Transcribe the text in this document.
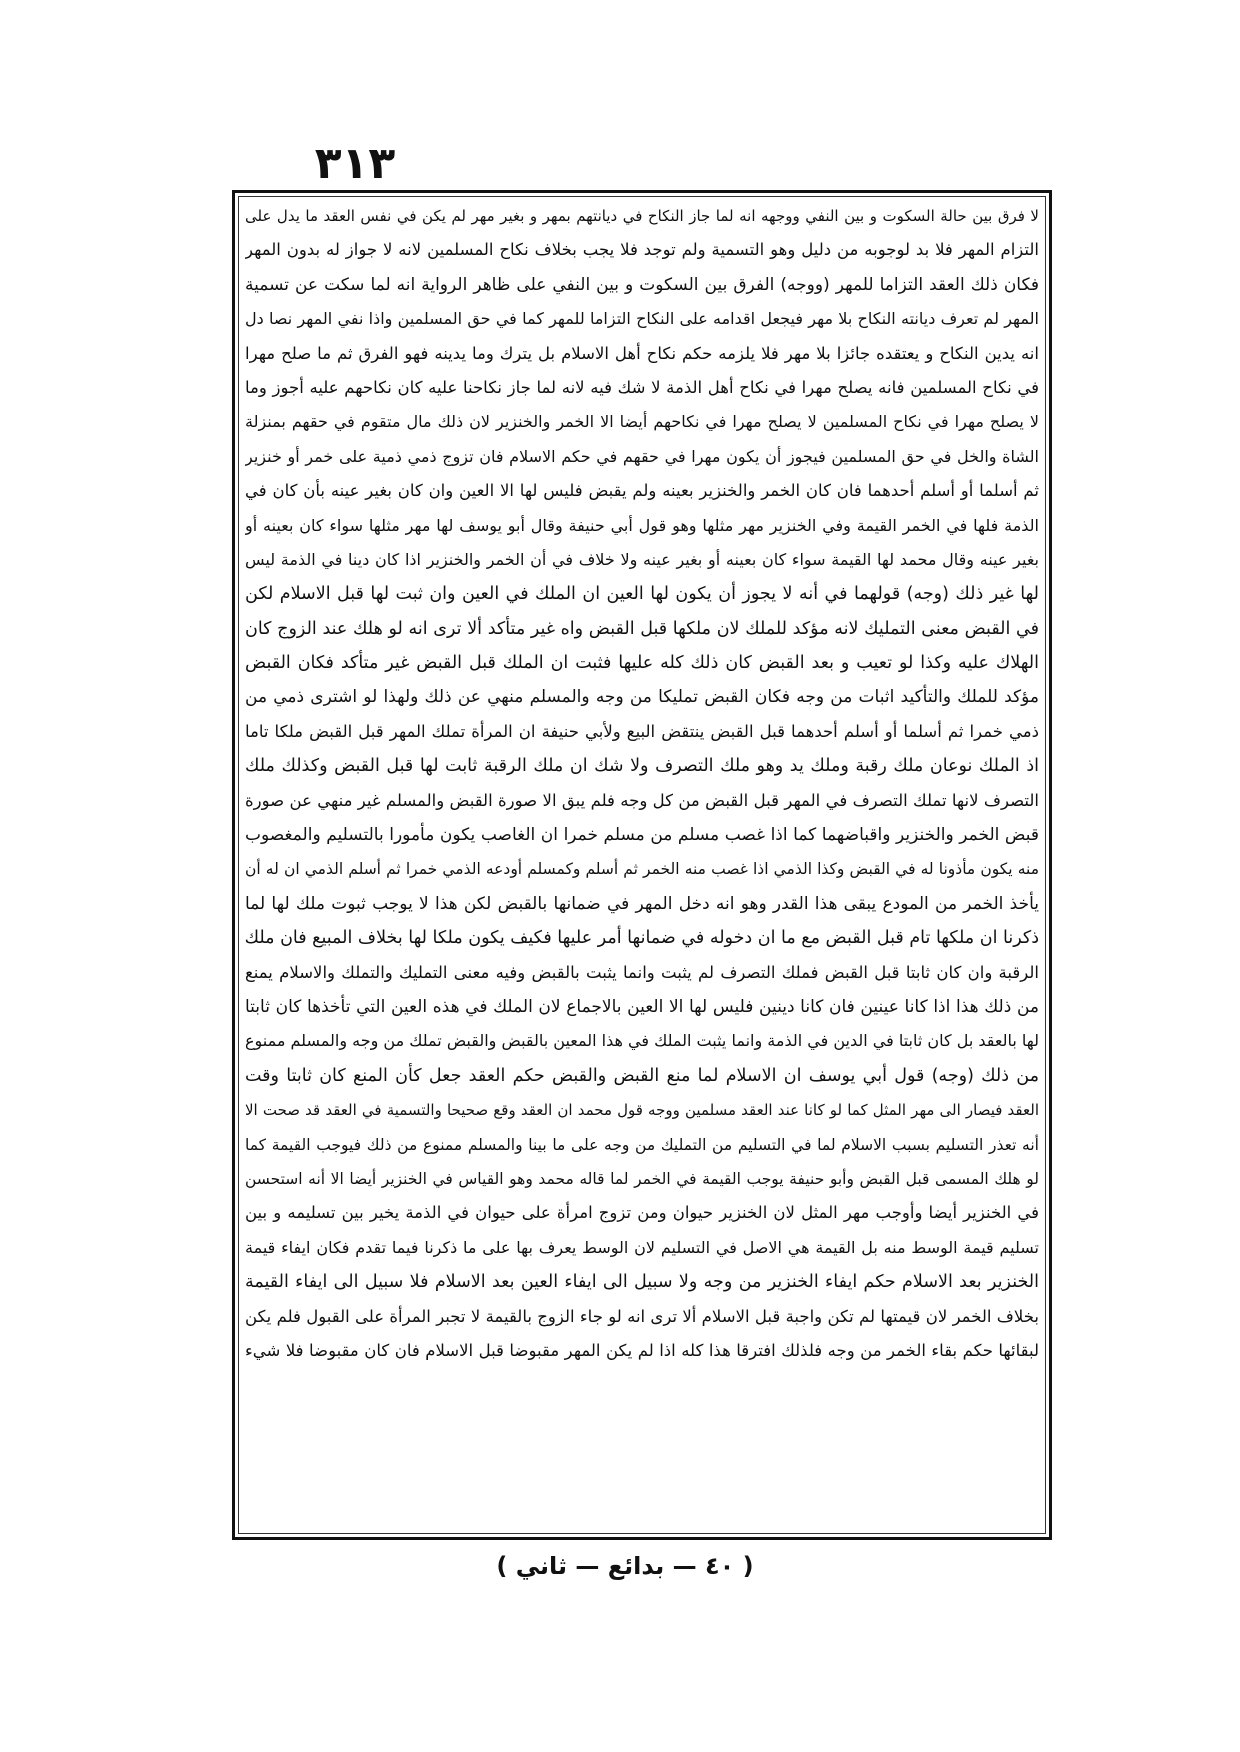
٣١٣
لا فرق بين حالة السكوت و بين النفي ووجهه انه لما جاز النكاح في ديانتهم بمهر و بغير مهر لم يكن في نفس العقد ما يدل على
التزام المهر فلا بد لوجوبه من دليل وهو التسمية ولم توجد فلا يجب بخلاف نكاح المسلمين لانه لا جواز له بدون المهر
فكان ذلك العقد التزاما للمهر (ووجه) الفرق بين السكوت و بين النفي على ظاهر الرواية انه لما سكت عن تسمية
المهر لم تعرف ديانته النكاح بلا مهر فيجعل اقدامه على النكاح التزاما للمهر كما في حق المسلمين واذا نفي المهر نصا دل
انه يدين النكاح و يعتقده جائزا بلا مهر فلا يلزمه حكم نكاح أهل الاسلام بل يترك وما يدينه فهو الفرق ثم ما صلح مهرا
في نكاح المسلمين فانه يصلح مهرا في نكاح أهل الذمة لا شك فيه لانه لما جاز نكاحنا عليه كان نكاحهم عليه أجوز وما
لا يصلح مهرا في نكاح المسلمين لا يصلح مهرا في نكاحهم أيضا الا الخمر والخنزير لان ذلك مال متقوم في حقهم بمنزلة
الشاة والخل في حق المسلمين فيجوز أن يكون مهرا في حقهم في حكم الاسلام فان تزوج ذمي ذمية على خمر أو خنزير
ثم أسلما أو أسلم أحدهما فان كان الخمر والخنزير بعينه ولم يقبض فليس لها الا العين وان كان بغير عينه بأن كان في
الذمة فلها في الخمر القيمة وفي الخنزير مهر مثلها وهو قول أبي حنيفة وقال أبو يوسف لها مهر مثلها سواء كان بعينه أو
بغير عينه وقال محمد لها القيمة سواء كان بعينه أو بغير عينه ولا خلاف في أن الخمر والخنزير اذا كان دينا في الذمة ليس
لها غير ذلك (وجه) قولهما في أنه لا يجوز أن يكون لها العين ان الملك في العين وان ثبت لها قبل الاسلام لكن
في القبض معنى التمليك لانه مؤكد للملك لان ملكها قبل القبض واه غير متأكد ألا ترى انه لو هلك عند الزوج كان
الهلاك عليه وكذا لو تعيب و بعد القبض كان ذلك كله عليها فثبت ان الملك قبل القبض غير متأكد فكان القبض
مؤكد للملك والتأكيد اثبات من وجه فكان القبض تمليكا من وجه والمسلم منهي عن ذلك ولهذا لو اشترى ذمي من
ذمي خمرا ثم أسلما أو أسلم أحدهما قبل القبض ينتقض البيع ولأبي حنيفة ان المرأة تملك المهر قبل القبض ملكا تاما
اذ الملك نوعان ملك رقبة وملك يد وهو ملك التصرف ولا شك ان ملك الرقبة ثابت لها قبل القبض وكذلك ملك
التصرف لانها تملك التصرف في المهر قبل القبض من كل وجه فلم يبق الا صورة القبض والمسلم غير منهي عن صورة
قبض الخمر والخنزير واقباضهما كما اذا غصب مسلم من مسلم خمرا ان الغاصب يكون مأمورا بالتسليم والمغصوب
منه يكون مأذونا له في القبض وكذا الذمي اذا غصب منه الخمر ثم أسلم وكمسلم أودعه الذمي خمرا ثم أسلم الذمي ان له أن
يأخذ الخمر من المودع يبقى هذا القدر وهو انه دخل المهر في ضمانها بالقبض لكن هذا لا يوجب ثبوت ملك لها لما
ذكرنا ان ملكها تام قبل القبض مع ما ان دخوله في ضمانها أمر عليها فكيف يكون ملكا لها بخلاف المبيع فان ملك
الرقبة وان كان ثابتا قبل القبض فملك التصرف لم يثبت وانما يثبت بالقبض وفيه معنى التمليك والتملك والاسلام يمنع
من ذلك هذا اذا كانا عينين فان كانا دينين فليس لها الا العين بالاجماع لان الملك في هذه العين التي تأخذها كان ثابتا
لها بالعقد بل كان ثابتا في الدين في الذمة وانما يثبت الملك في هذا المعين بالقبض والقبض تملك من وجه والمسلم ممنوع
من ذلك (وجه) قول أبي يوسف ان الاسلام لما منع القبض والقبض حكم العقد جعل كأن المنع كان ثابتا وقت
العقد فيصار الى مهر المثل كما لو كانا عند العقد مسلمين ووجه قول محمد ان العقد وقع صحيحا والتسمية في العقد قد صحت الا
أنه تعذر التسليم بسبب الاسلام لما في التسليم من التمليك من وجه على ما بينا والمسلم ممنوع من ذلك فيوجب القيمة كما
لو هلك المسمى قبل القبض وأبو حنيفة يوجب القيمة في الخمر لما قاله محمد وهو القياس في الخنزير أيضا الا أنه استحسن
في الخنزير أيضا وأوجب مهر المثل لان الخنزير حيوان ومن تزوج امرأة على حيوان في الذمة يخير بين تسليمه و بين
تسليم قيمة الوسط منه بل القيمة هي الاصل في التسليم لان الوسط يعرف بها على ما ذكرنا فيما تقدم فكان ايفاء قيمة
الخنزير بعد الاسلام حكم ايفاء الخنزير من وجه ولا سبيل الى ايفاء العين بعد الاسلام فلا سبيل الى ايفاء القيمة
بخلاف الخمر لان قيمتها لم تكن واجبة قبل الاسلام ألا ترى انه لو جاء الزوج بالقيمة لا تجبر المرأة على القبول فلم يكن
لبقائها حكم بقاء الخمر من وجه فلذلك افترقا هذا كله اذا لم يكن المهر مقبوضا قبل الاسلام فان كان مقبوضا فلا شيء
( ٤٠ — بدائع — ثاني )
